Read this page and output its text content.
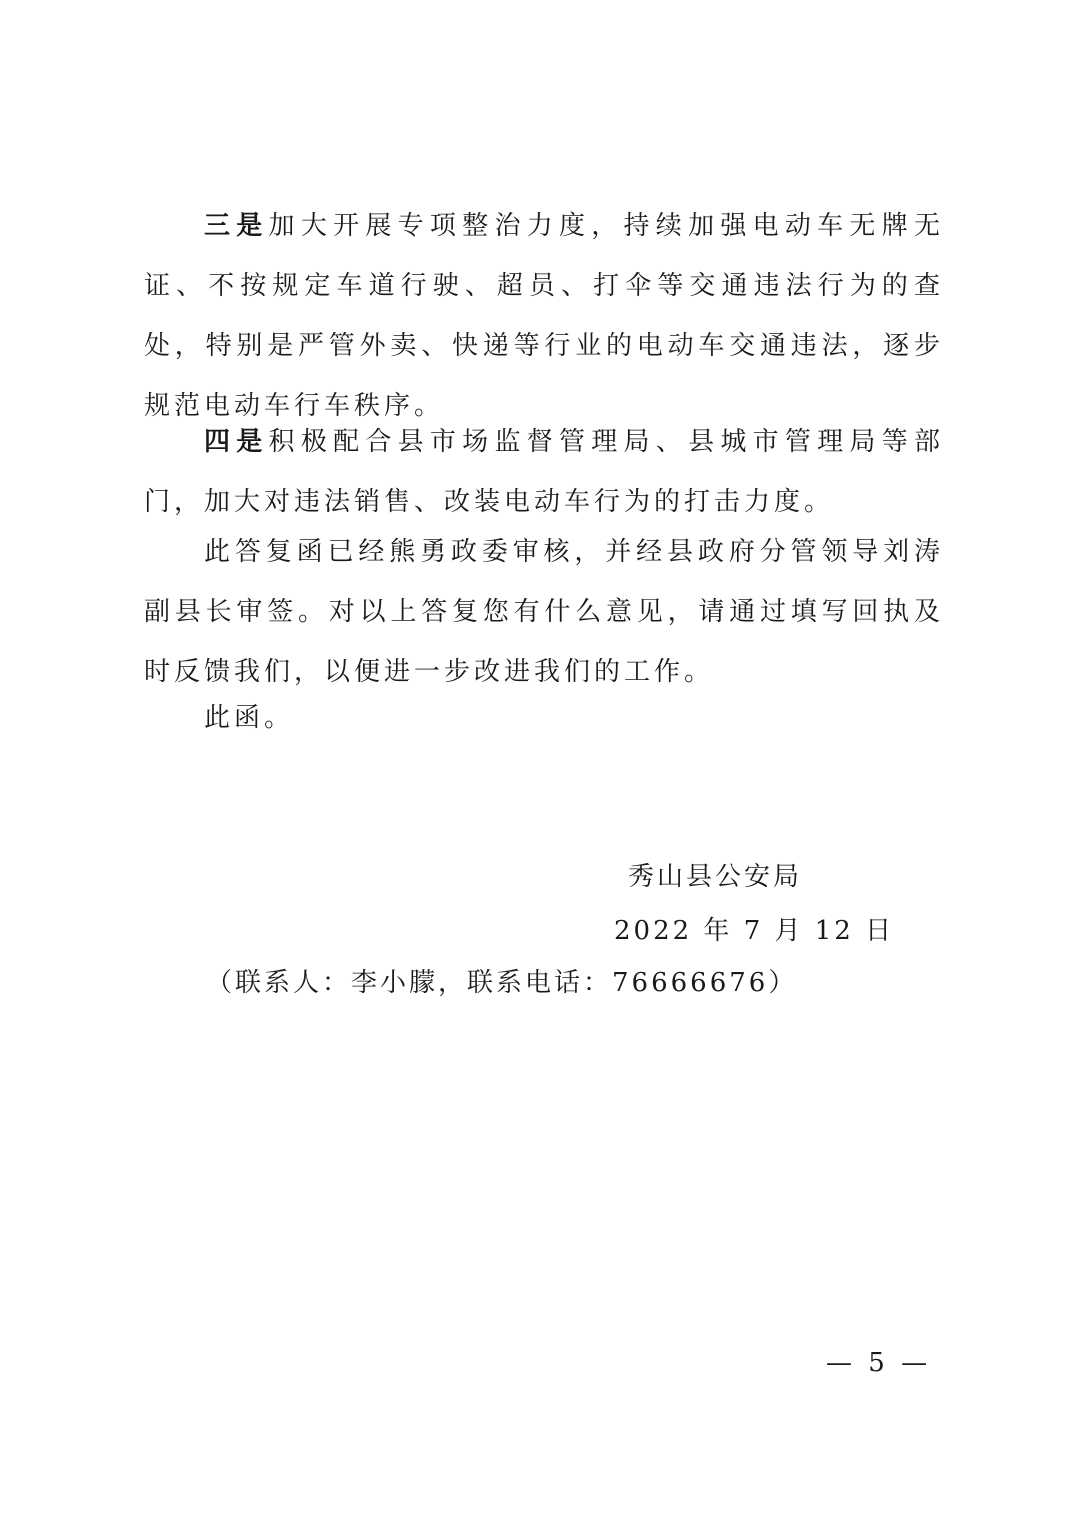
三是加大开展专项整治力度，持续加强电动车无牌无证、不按规定车道行驶、超员、打伞等交通违法行为的查处，特别是严管外卖、快递等行业的电动车交通违法，逐步规范电动车行车秩序。

四是积极配合县市场监督管理局、县城市管理局等部门，加大对违法销售、改装电动车行为的打击力度。

此答复函已经熊勇政委审核，并经县政府分管领导刘涛副县长审签。对以上答复您有什么意见，请通过填写回执及时反馈我们，以便进一步改进我们的工作。

此函。

秀山县公安局
2022 年 7 月 12 日
（联系人：李小朦，联系电话：76666676）
— 5 —
